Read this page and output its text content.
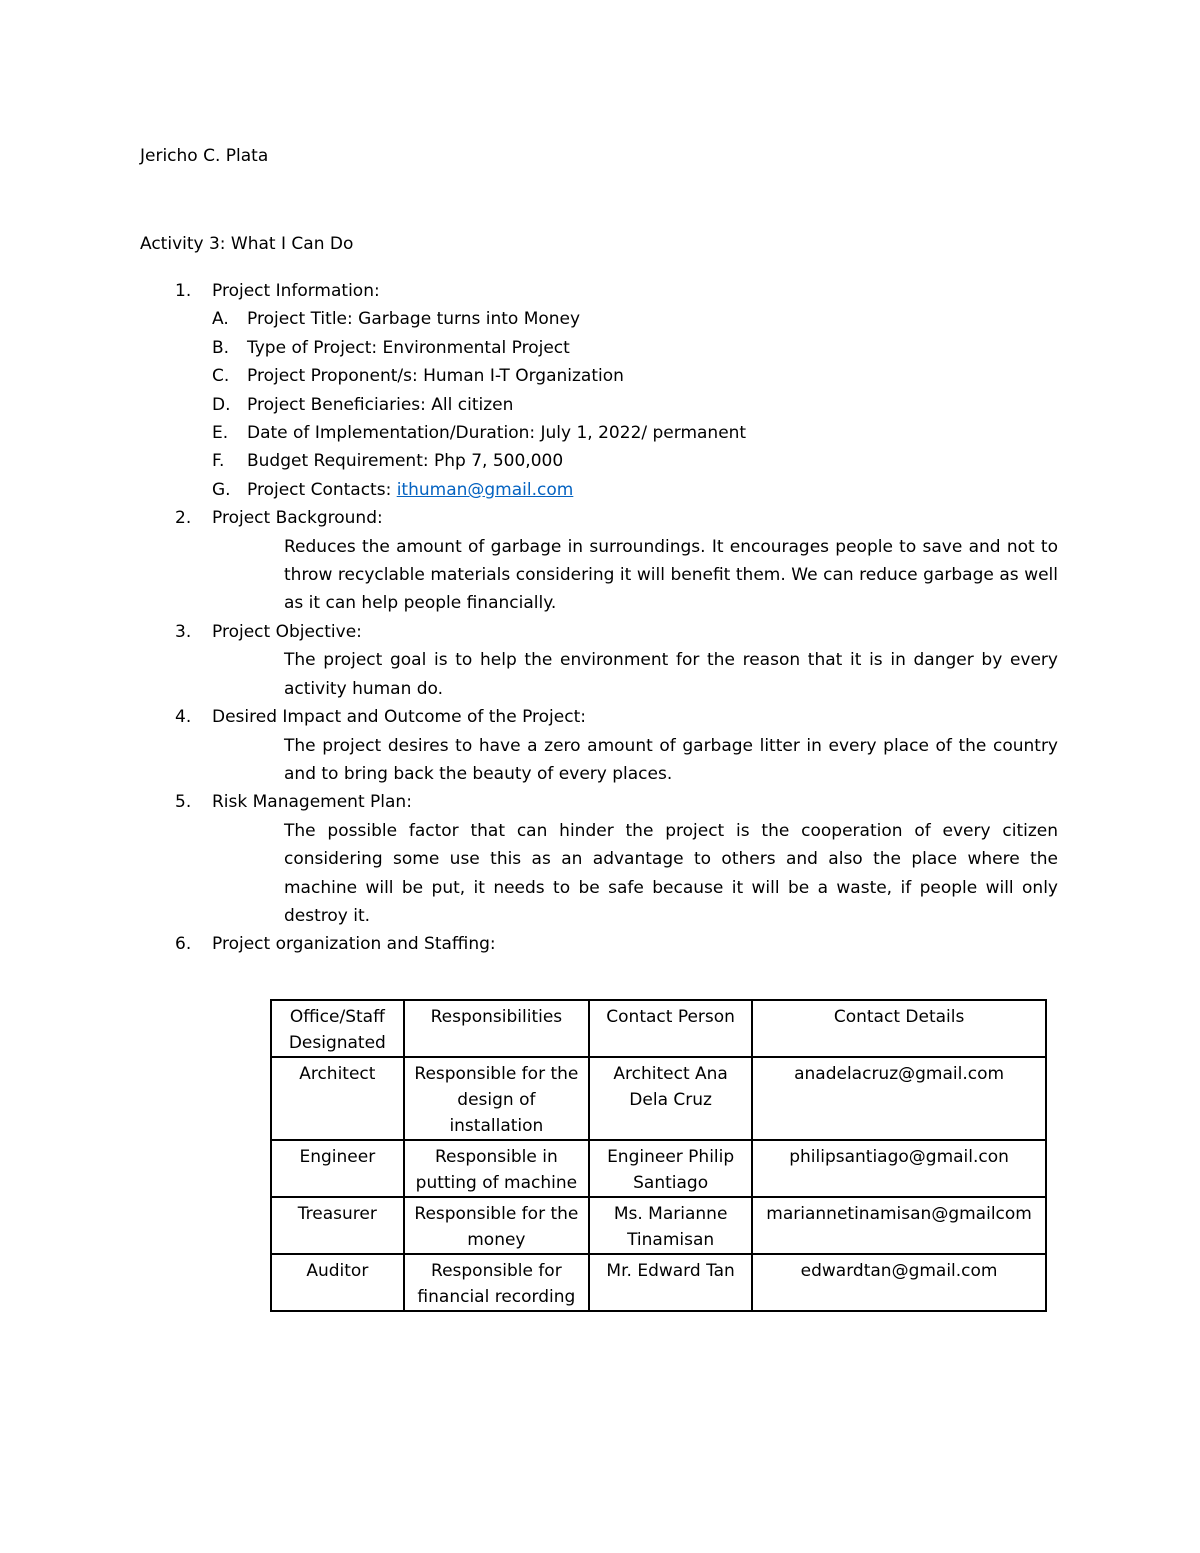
Jericho C. Plata
Activity 3: What I Can Do
1. Project Information:
A. Project Title: Garbage turns into Money
B. Type of Project: Environmental Project
C. Project Proponent/s: Human I-T Organization
D. Project Beneficiaries: All citizen
E. Date of Implementation/Duration: July 1, 2022/ permanent
F. Budget Requirement: Php 7, 500,000
G. Project Contacts: ithuman@gmail.com
2. Project Background:
Reduces the amount of garbage in surroundings. It encourages people to save and not to throw recyclable materials considering it will benefit them. We can reduce garbage as well as it can help people financially.
3. Project Objective:
The project goal is to help the environment for the reason that it is in danger by every activity human do.
4. Desired Impact and Outcome of the Project:
The project desires to have a zero amount of garbage litter in every place of the country and to bring back the beauty of every places.
5. Risk Management Plan:
The possible factor that can hinder the project is the cooperation of every citizen considering some use this as an advantage to others and also the place where the machine will be put, it needs to be safe because it will be a waste, if people will only destroy it.
6. Project organization and Staffing:
Office/Staff Designated	Responsibilities	Contact Person	Contact Details
Architect	Responsible for the design of installation	Architect Ana Dela Cruz	anadelacruz@gmail.com
Engineer	Responsible in putting of machine	Engineer Philip Santiago	philipsantiago@gmail.con
Treasurer	Responsible for the money	Ms. Marianne Tinamisan	mariannetinamisan@gmailcom
Auditor	Responsible for financial recording	Mr. Edward Tan	edwardtan@gmail.com
